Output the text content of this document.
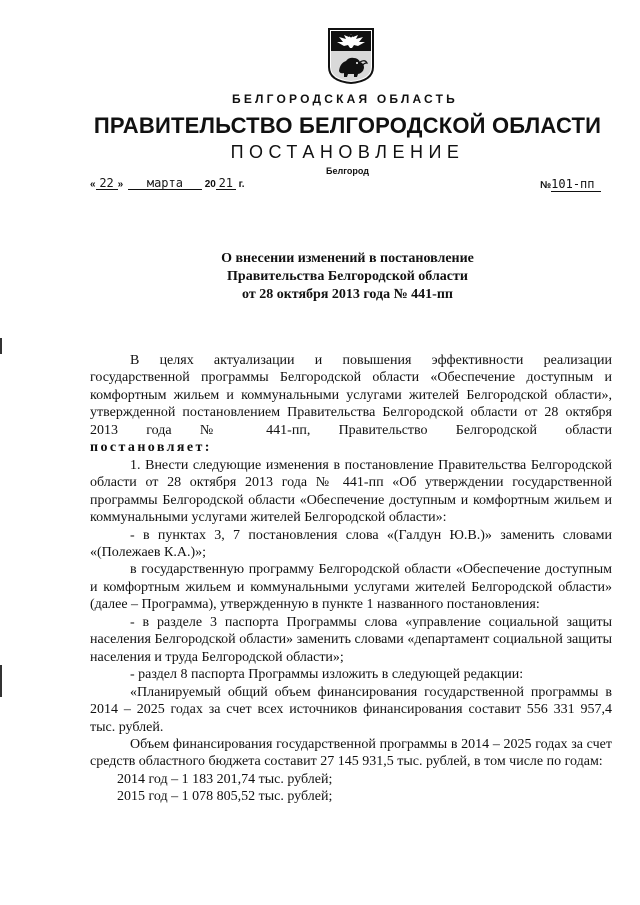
БЕЛГОРОДСКАЯ ОБЛАСТЬ
ПРАВИТЕЛЬСТВО БЕЛГОРОДСКОЙ ОБЛАСТИ
ПОСТАНОВЛЕНИЕ
Белгород
« 22 » марта 20 21 г.	№101-пп
О внесении изменений в постановление
Правительства Белгородской области
от 28 октября 2013 года № 441-пп

В целях актуализации и повышения эффективности реализации государственной программы Белгородской области «Обеспечение доступным и комфортным жильем и коммунальными услугами жителей Белгородской области», утвержденной постановлением Правительства Белгородской области от 28 октября 2013 года № 441-пп, Правительство Белгородской области

постановляет:

1. Внести следующие изменения в постановление Правительства Белгородской области от 28 октября 2013 года № 441-пп «Об утверждении государственной программы Белгородской области «Обеспечение доступным и комфортным жильем и коммунальными услугами жителей Белгородской области»:

- в пунктах 3, 7 постановления слова «(Галдун Ю.В.)» заменить словами «(Полежаев К.А.)»;

в государственную программу Белгородской области «Обеспечение доступным и комфортным жильем и коммунальными услугами жителей Белгородской области» (далее – Программа), утвержденную в пункте 1 названного постановления:

- в разделе 3 паспорта Программы слова «управление социальной защиты населения Белгородской области» заменить словами «департамент социальной защиты населения и труда Белгородской области»;

- раздел 8 паспорта Программы изложить в следующей редакции:

«Планируемый общий объем финансирования государственной программы в 2014 – 2025 годах за счет всех источников финансирования составит 556 331 957,4 тыс. рублей.

Объем финансирования государственной программы в 2014 – 2025 годах за счет средств областного бюджета составит 27 145 931,5 тыс. рублей, в том числе по годам:

2014 год – 1 183 201,74 тыс. рублей;
2015 год – 1 078 805,52 тыс. рублей;
